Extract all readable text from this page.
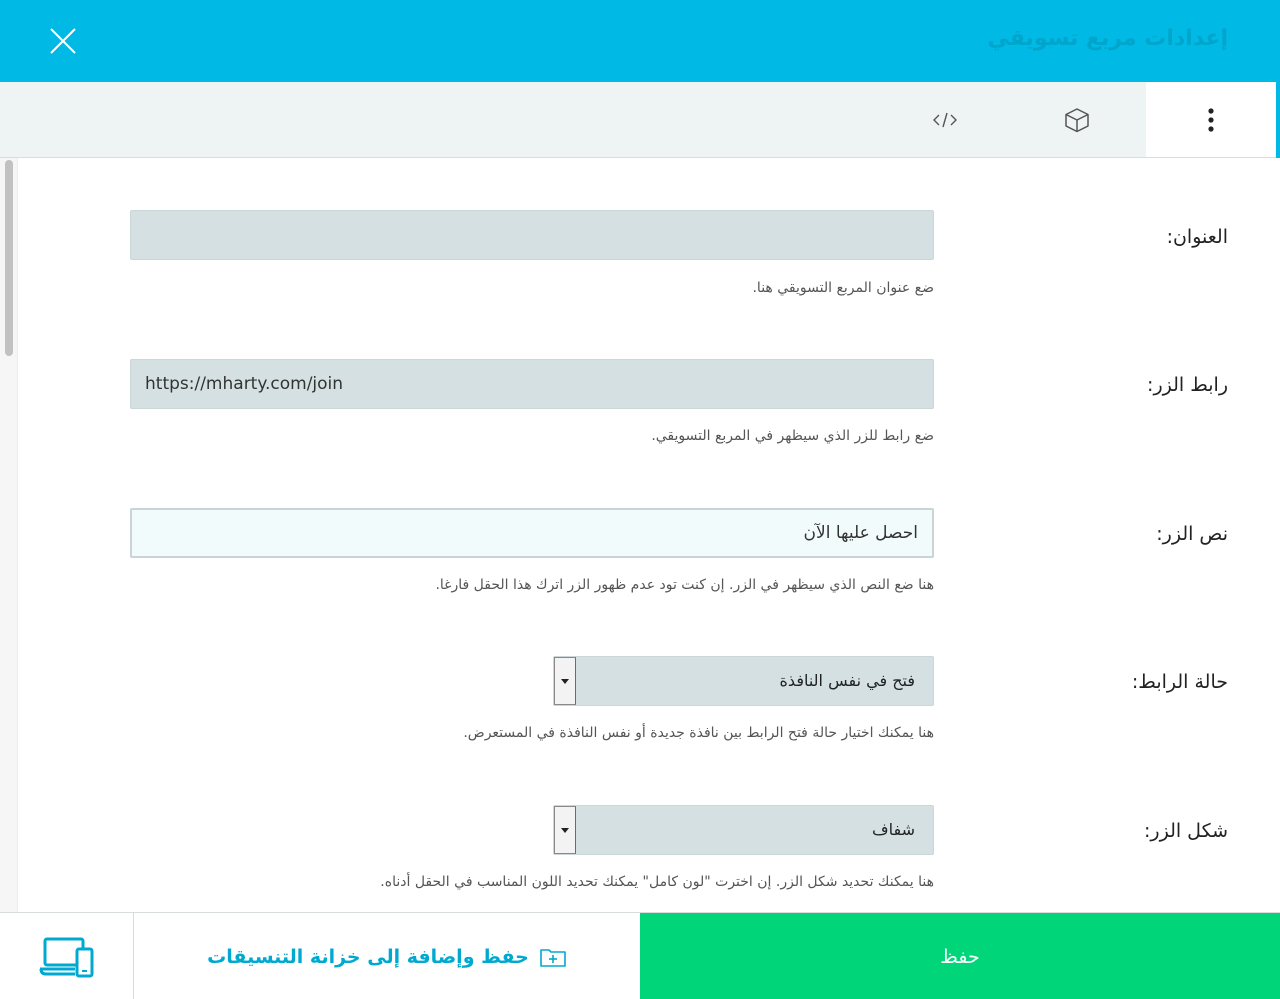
إعدادات مربع تسويقي
العنوان:
ضع عنوان المربع التسويقي هنا.
رابط الزر:
https://mharty.com/join
ضع رابط للزر الذي سيظهر في المربع التسويقي.
نص الزر:
احصل عليها الآن
هنا ضع النص الذي سيظهر في الزر. إن كنت تود عدم ظهور الزر اترك هذا الحقل فارغا.
حالة الرابط:
فتح في نفس النافذة
هنا يمكنك اختيار حالة فتح الرابط بين نافذة جديدة أو نفس النافذة في المستعرض.
شكل الزر:
شفاف
هنا يمكنك تحديد شكل الزر. إن اخترت "لون كامل" يمكنك تحديد اللون المناسب في الحقل أدناه.
حفظ وإضافة إلى خزانة التنسيقات	حفظ
